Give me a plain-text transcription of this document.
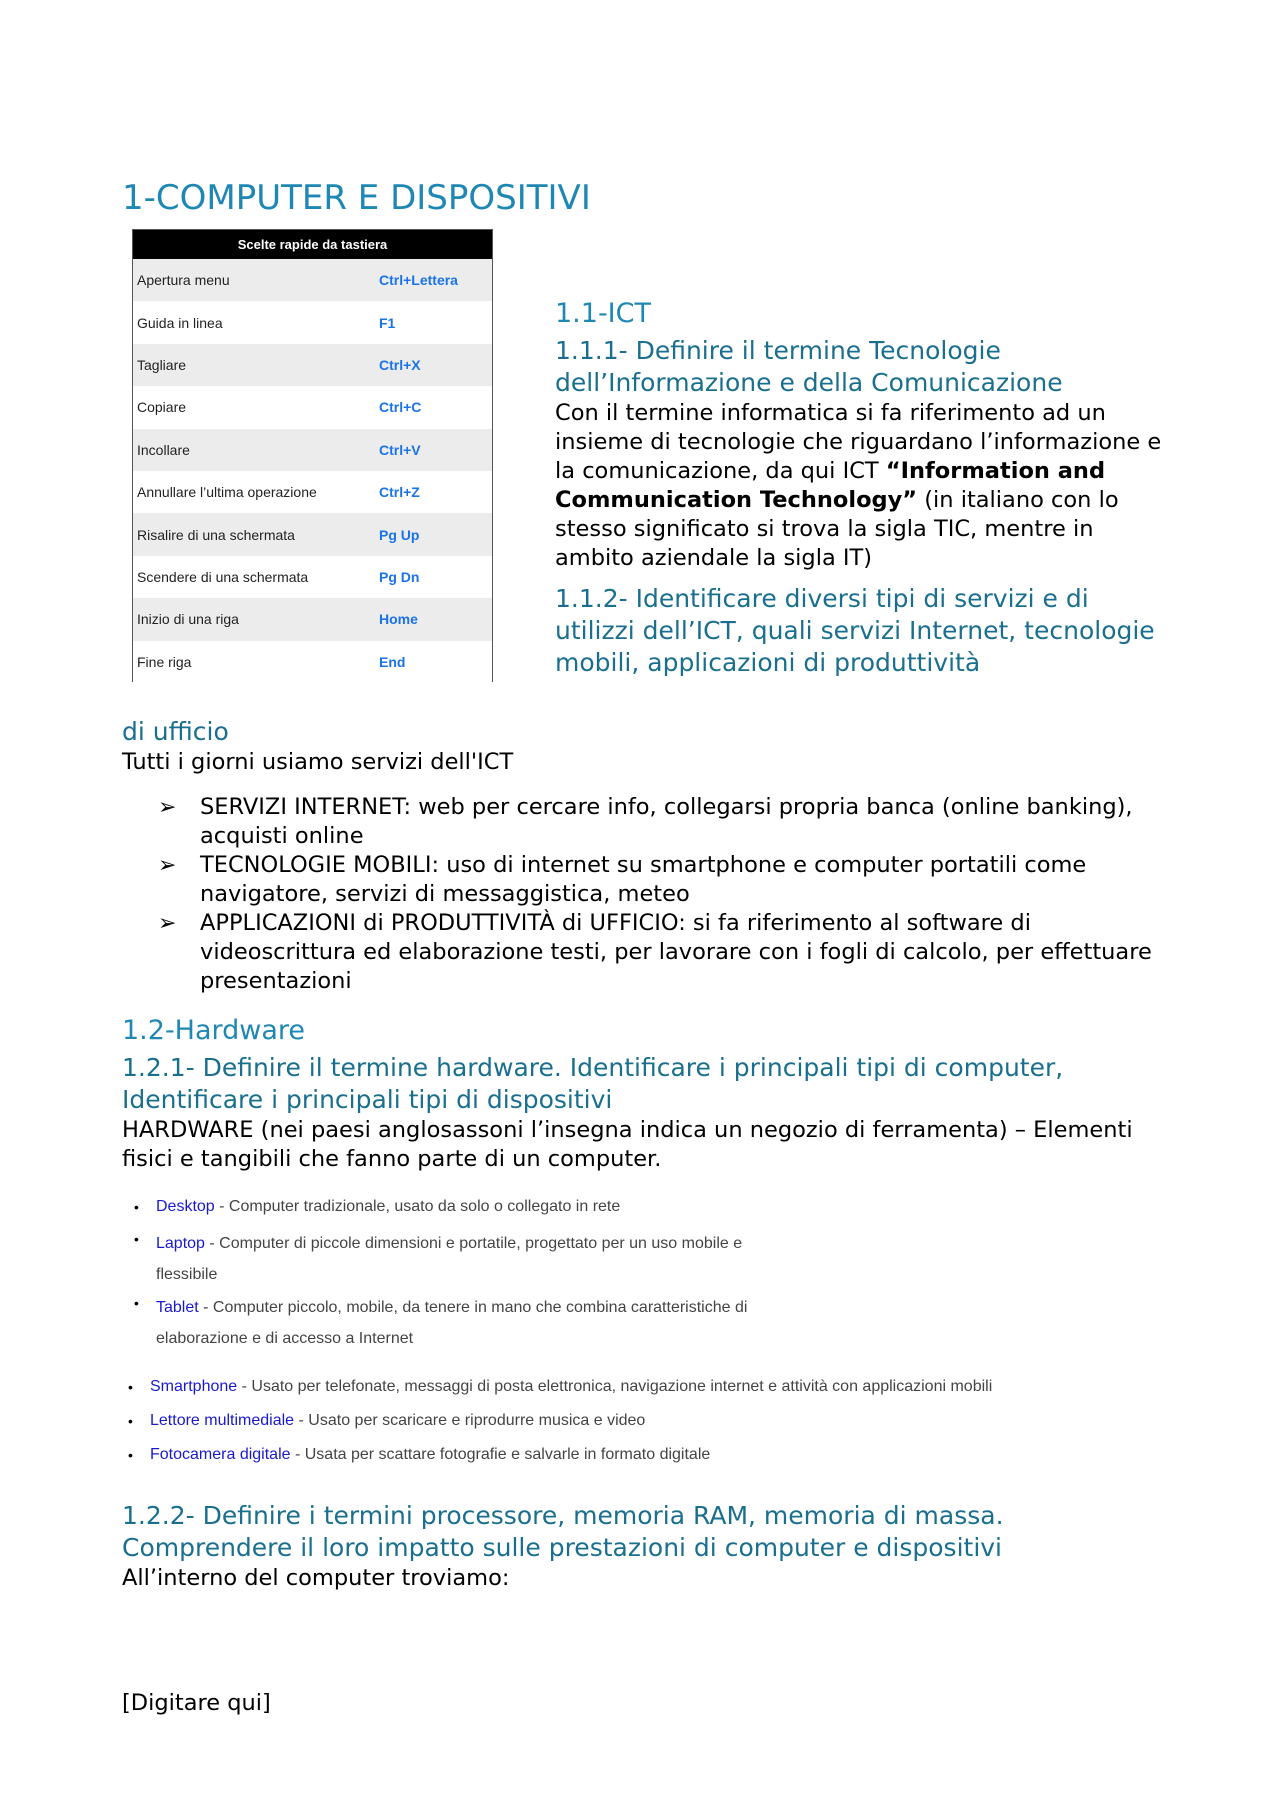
1-COMPUTER E DISPOSITIVI
Scelte rapide da tastiera
Apertura menu	Ctrl+Lettera
Guida in linea	F1
Tagliare	Ctrl+X
Copiare	Ctrl+C
Incollare	Ctrl+V
Annullare l’ultima operazione	Ctrl+Z
Risalire di una schermata	Pg Up
Scendere di una schermata	Pg Dn
Inizio di una riga	Home
Fine riga	End
1.1-ICT
1.1.1- Definire il termine Tecnologie dell’Informazione e della Comunicazione

Con il termine informatica si fa riferimento ad un insieme di tecnologie che riguardano l’informazione e la comunicazione, da qui ICT “Information and Communication Technology” (in italiano con lo stesso significato si trova la sigla TIC, mentre in ambito aziendale la sigla IT)

1.1.2- Identificare diversi tipi di servizi e di utilizzi dell’ICT, quali servizi Internet, tecnologie mobili, applicazioni di produttività
di ufficio

Tutti i giorni usiamo servizi dell'ICT

➢ SERVIZI INTERNET: web per cercare info, collegarsi propria banca (online banking), acquisti online
➢ TECNOLOGIE MOBILI: uso di internet su smartphone e computer portatili come navigatore, servizi di messaggistica, meteo
➢ APPLICAZIONI di PRODUTTIVITÀ di UFFICIO: si fa riferimento al software di videoscrittura ed elaborazione testi, per lavorare con i fogli di calcolo, per effettuare presentazioni
1.2-Hardware
1.2.1- Definire il termine hardware. Identificare i principali tipi di computer, Identificare i principali tipi di dispositivi

HARDWARE (nei paesi anglosassoni l’insegna indica un negozio di ferramenta) – Elementi fisici e tangibili che fanno parte di un computer.

• Desktop - Computer tradizionale, usato da solo o collegato in rete
• Laptop - Computer di piccole dimensioni e portatile, progettato per un uso mobile e
flessibile
• Tablet - Computer piccolo, mobile, da tenere in mano che combina caratteristiche di
elaborazione e di accesso a Internet
• Smartphone - Usato per telefonate, messaggi di posta elettronica, navigazione internet e attività con applicazioni mobili
• Lettore multimediale - Usato per scaricare e riprodurre musica e video
• Fotocamera digitale - Usata per scattare fotografie e salvarle in formato digitale
1.2.2- Definire i termini processore, memoria RAM, memoria di massa. Comprendere il loro impatto sulle prestazioni di computer e dispositivi

All’interno del computer troviamo:

[Digitare qui]
